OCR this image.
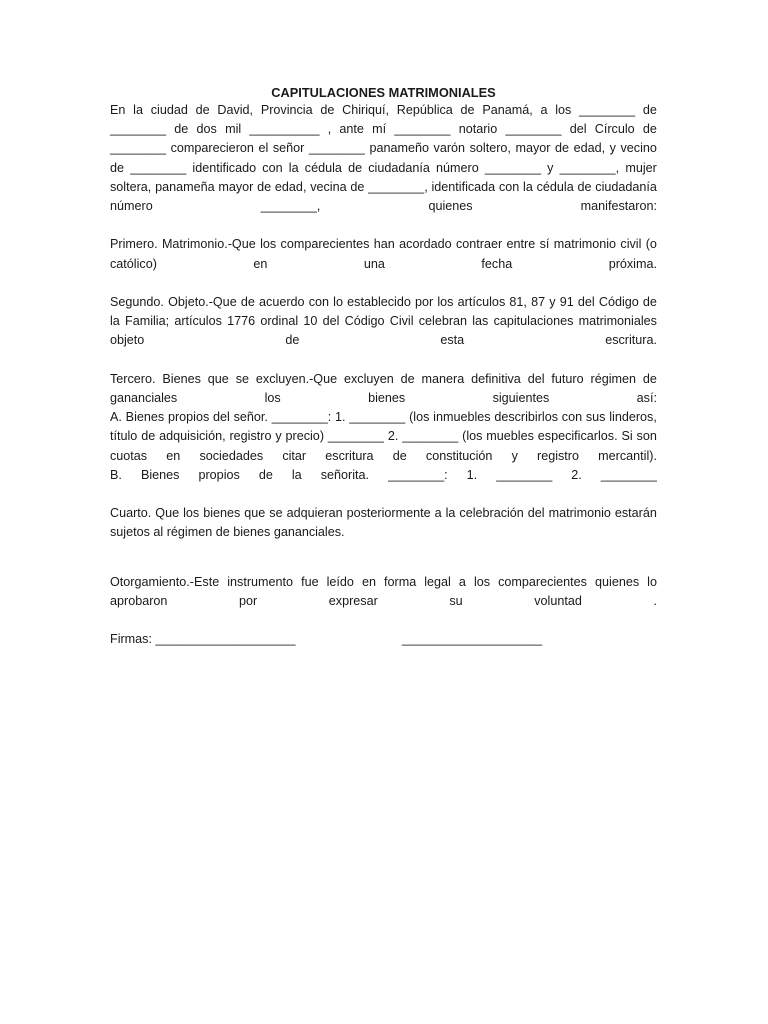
CAPITULACIONES MATRIMONIALES

En la ciudad de David, Provincia de Chiriquí, República de Panamá, a los ________ de
________ de dos mil __________ , ante mí ________ notario ________ del Círculo de
________ comparecieron el señor ________ panameño varón soltero, mayor de edad, y vecino
de ________ identificado con la cédula de ciudadanía número ________ y ________, mujer
soltera, panameña mayor de edad, vecina de ________, identificada con la cédula de ciudadanía
número	________,	quienes	manifestaron:
Primero. Matrimonio.-Que los comparecientes han acordado contraer entre sí matrimonio civil (o
católico)	en	una	fecha	próxima.
Segundo. Objeto.-Que de acuerdo con lo establecido por los artículos 81, 87 y 91 del Código de
la Familia; artículos 1776 ordinal 10 del Código Civil celebran las capitulaciones matrimoniales
objeto	de	esta	escritura.
Tercero. Bienes que se excluyen.-Que excluyen de manera definitiva del futuro régimen de
gananciales	los	bienes	siguientes	así:
A. Bienes propios del señor. ________: 1. ________ (los inmuebles describirlos con sus linderos,
título de adquisición, registro y precio) ________ 2. ________ (los muebles especificarlos. Si son
cuotas en sociedades citar escritura de constitución y registro mercantil).
B. Bienes propios de la señorita. ________: 1. ________ 2. ________
Cuarto. Que los bienes que se adquieran posteriormente a la celebración del matrimonio estarán
sujetos al régimen de bienes gananciales.
Otorgamiento.-Este instrumento fue leído en forma legal a los comparecientes quienes lo
aprobaron	por	expresar	su	voluntad	.
Firmas: ____________________	____________________
